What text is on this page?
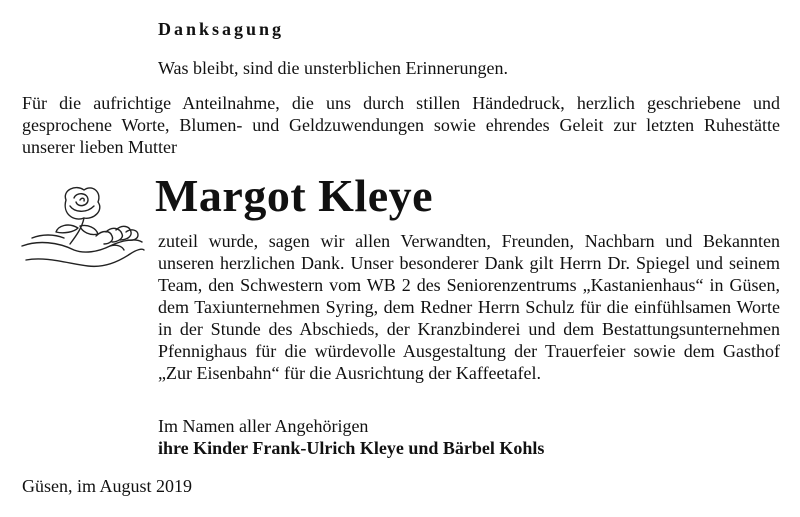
Danksagung
Was bleibt, sind die unsterblichen Erinnerungen.
Für die aufrichtige Anteilnahme, die uns durch stillen Händedruck, herzlich geschriebene und gesprochene Worte, Blumen- und Geldzuwendungen sowie ehrendes Geleit zur letzten Ruhestätte unserer lieben Mutter
Margot Kleye
zuteil wurde, sagen wir allen Verwandten, Freunden, Nachbarn und Bekannten unseren herzlichen Dank. Unser besonderer Dank gilt Herrn Dr. Spiegel und seinem Team, den Schwestern vom WB 2 des Seniorenzentrums „Kastanienhaus“ in Güsen, dem Taxiunternehmen Syring, dem Redner Herrn Schulz für die einfühlsamen Worte in der Stunde des Abschieds, der Kranzbinderei und dem Bestattungsunternehmen Pfennighaus für die würdevolle Ausgestaltung der Trauerfeier sowie dem Gasthof „Zur Eisenbahn“ für die Ausrichtung der Kaffeetafel.
Im Namen aller Angehörigen
ihre Kinder Frank-Ulrich Kleye und Bärbel Kohls
Güsen, im August 2019
